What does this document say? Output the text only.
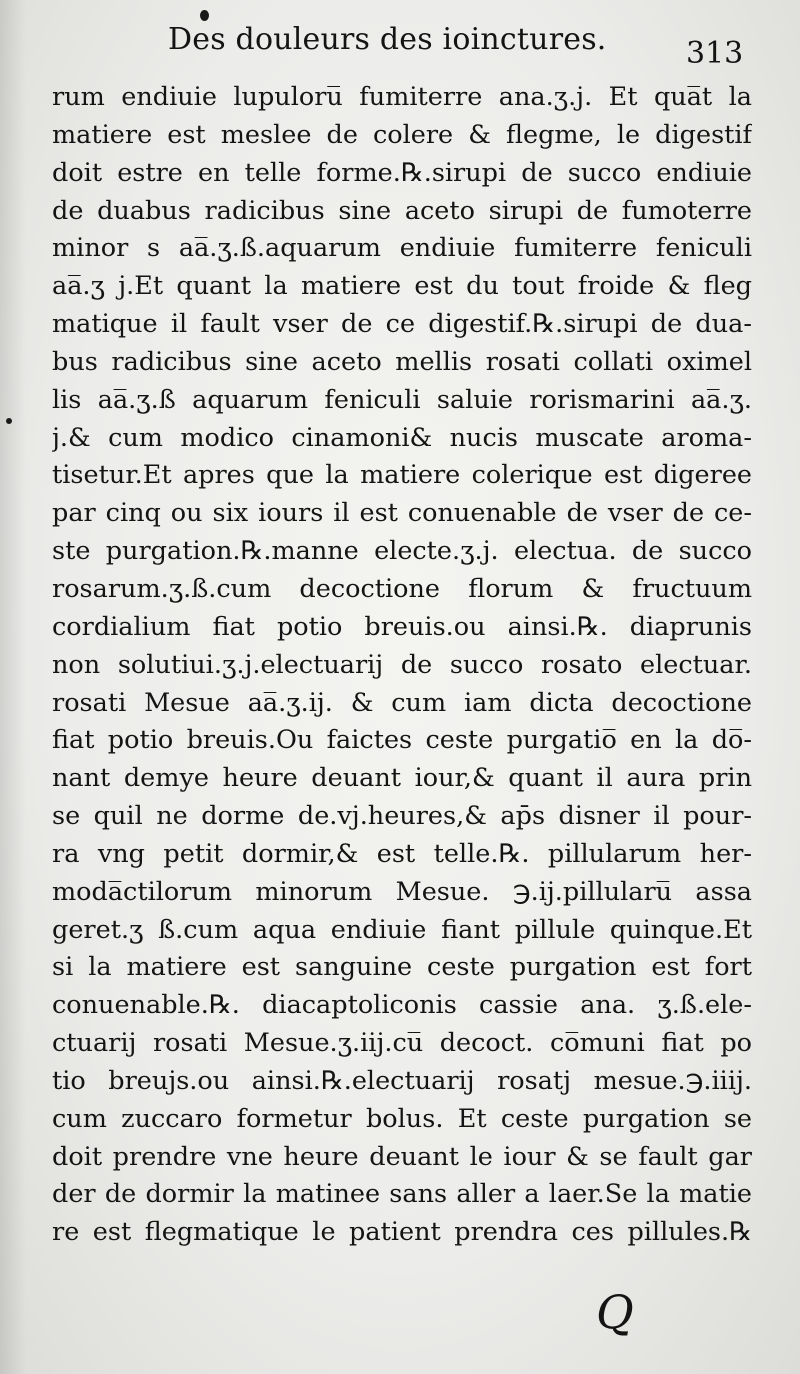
Des douleurs des ioinctures.	313
rum endiuie lupuloru̅ fumiterre ana.ʒ.j. Et qua̅t la
matiere est meslee de colere & flegme, le digestif
doit estre en telle forme.℞.sirupi de succo endiuie
de duabus radicibus sine aceto sirupi de fumoterre
minor s aa̅.ʒ.ß.aquarum endiuie fumiterre feniculi
aa̅.ʒ j.Et quant la matiere est du tout froide & fleg
matique il fault vser de ce digestif.℞.sirupi de dua-
bus radicibus sine aceto mellis rosati collati oximel
lis aa̅.ʒ.ß aquarum feniculi saluie rorismarini aa̅.ʒ.
j.& cum modico cinamoni& nucis muscate aroma-
tisetur.Et apres que la matiere colerique est digeree
par cinq ou six iours il est conuenable de vser de ce-
ste purgation.℞.manne electe.ʒ.j. electua. de succo
rosarum.ʒ.ß.cum decoctione florum & fructuum
cordialium fiat potio breuis.ou ainsi.℞. diaprunis
non solutiui.ʒ.j.electuarij de succo rosato electuar.
rosati Mesue aa̅.ʒ.ij. & cum iam dicta decoctione
fiat potio breuis.Ou faictes ceste purgatio̅ en la do̅-
nant demye heure deuant iour,& quant il aura prin
se quil ne dorme de.vj.heures,& ap̄s disner il pour-
ra vng petit dormir,& est telle.℞. pillularum her-
moda̅ctilorum minorum Mesue. ℈.ij.pillularu̅ assa
geret.ʒ ß.cum aqua endiuie fiant pillule quinque.Et
si la matiere est sanguine ceste purgation est fort
conuenable.℞. diacaptoliconis cassie ana. ʒ.ß.ele-
ctuarij rosati Mesue.ʒ.iij.cu̅ decoct. co̅muni fiat po
tio breujs.ou ainsi.℞.electuarij rosatj mesue.℈.iiij.
cum zuccaro formetur bolus. Et ceste purgation se
doit prendre vne heure deuant le iour & se fault gar
der de dormir la matinee sans aller a laer.Se la matie
re est flegmatique le patient prendra ces pillules.℞
Q
